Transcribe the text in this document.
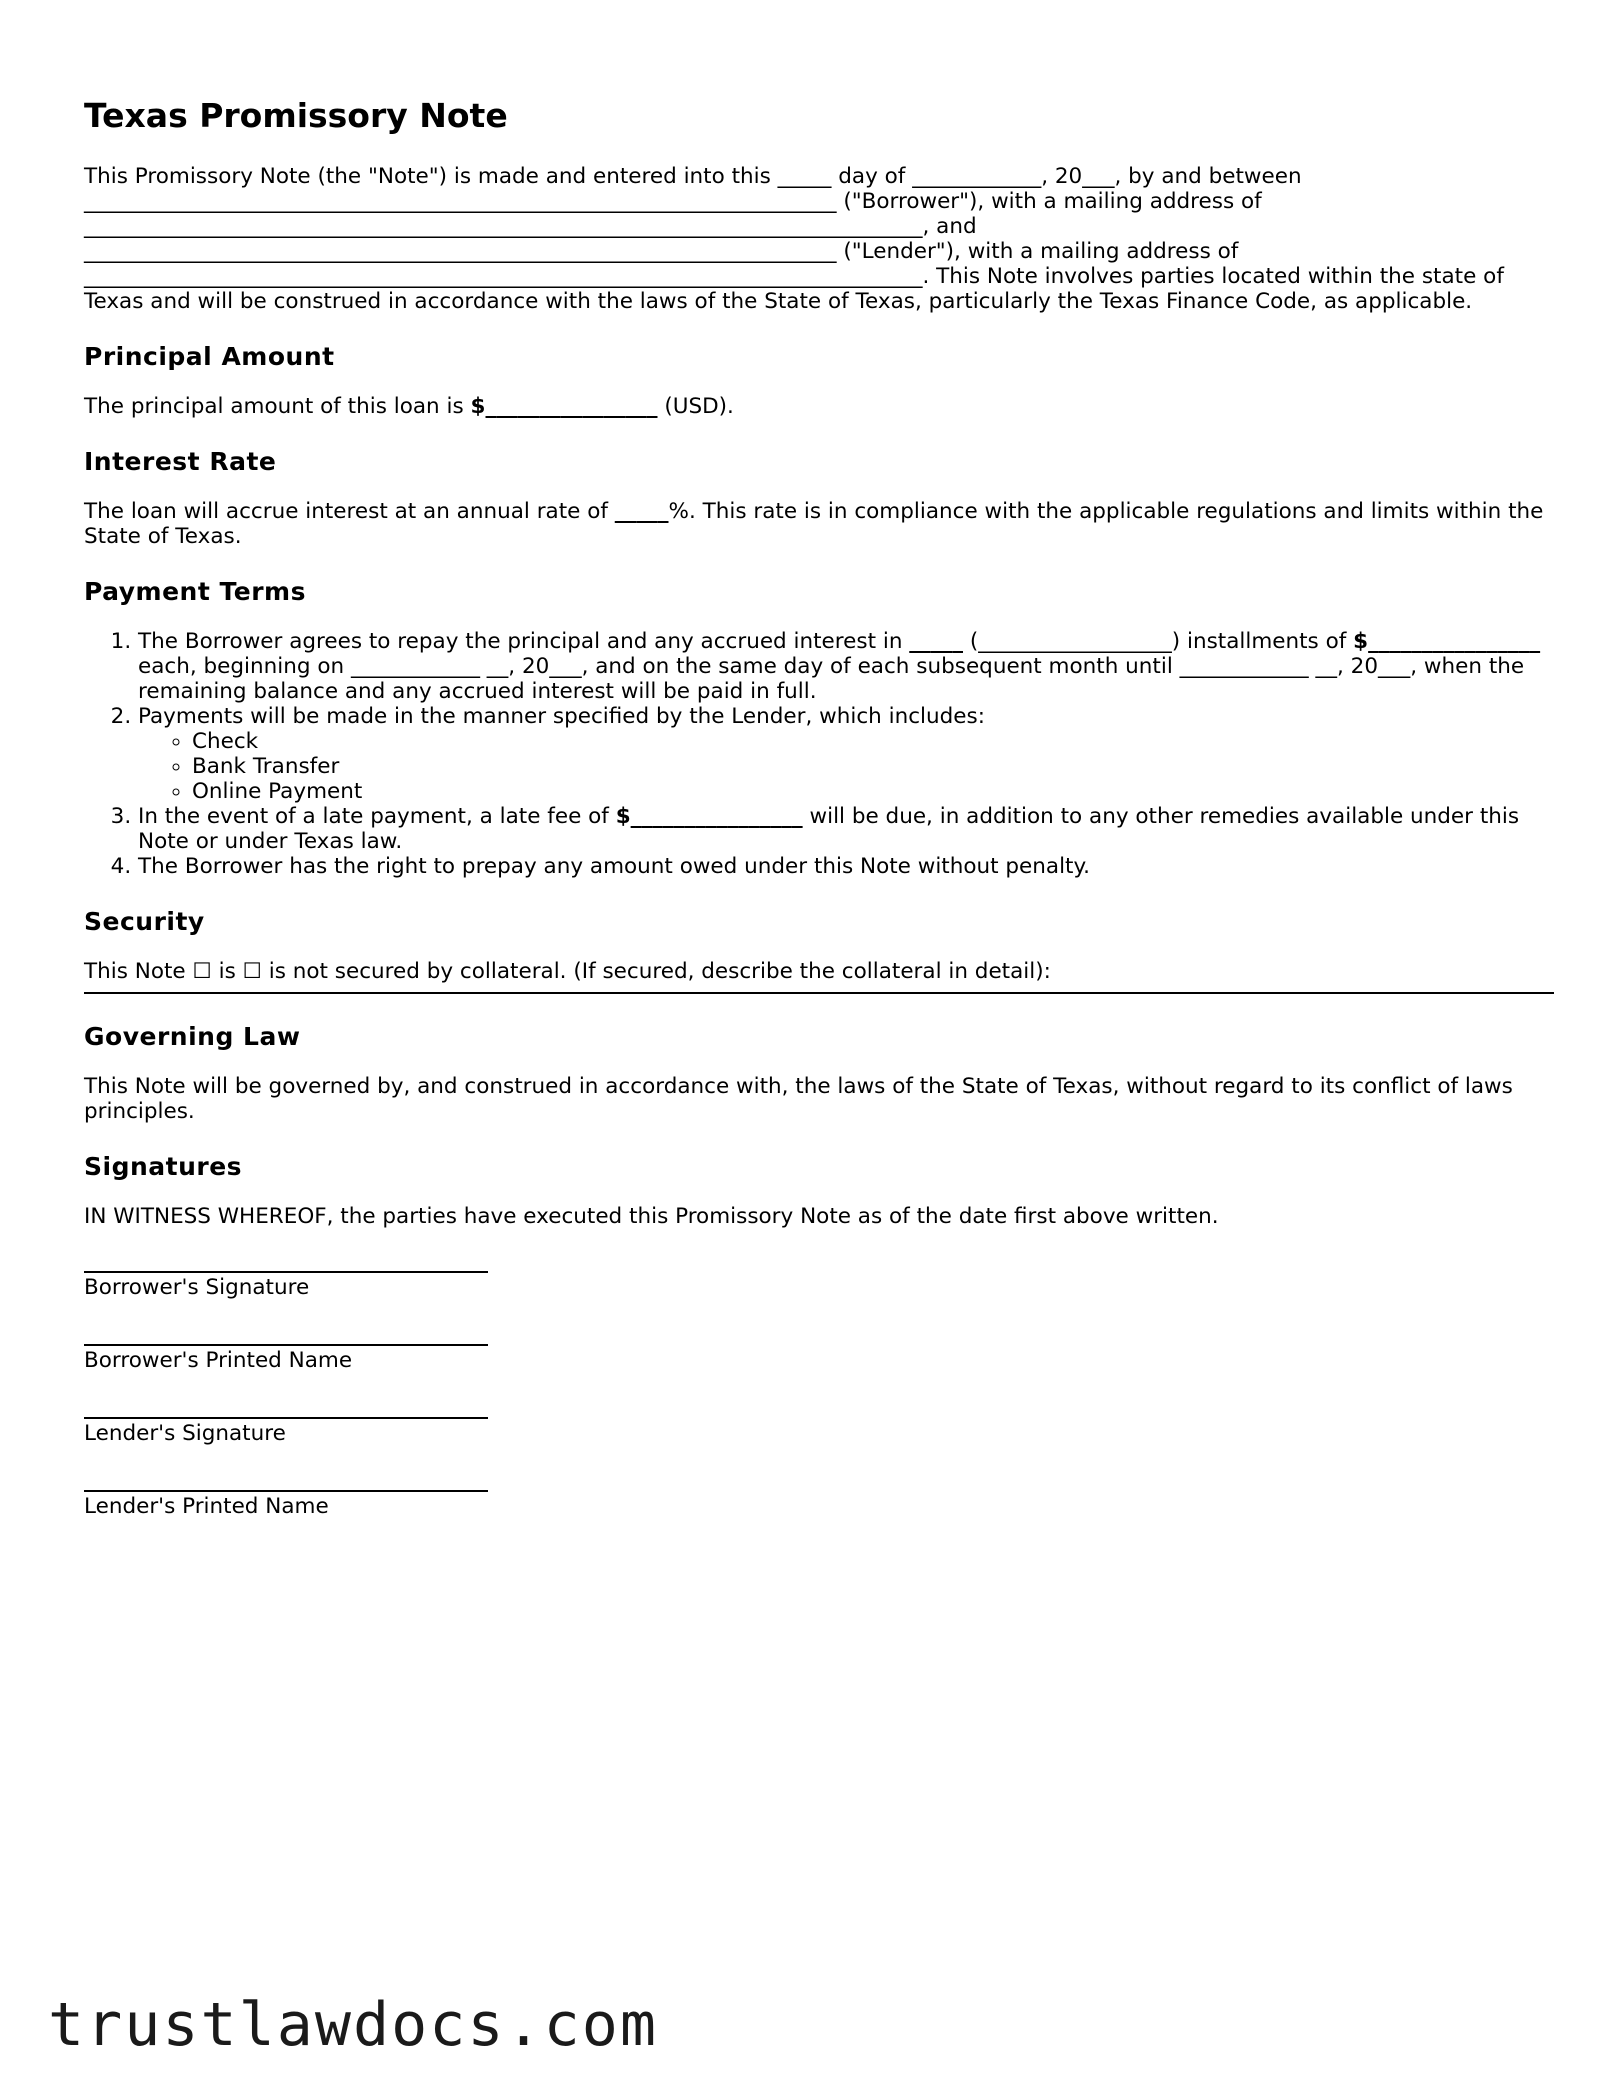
Texas Promissory Note

This Promissory Note (the "Note") is made and entered into this _____ day of ____________, 20___, by and between

______________________________________________________________________ ("Borrower"), with a mailing address of

______________________________________________________________________________, and

______________________________________________________________________ ("Lender"), with a mailing address of

______________________________________________________________________________. This Note involves parties located within the state of Texas and will be construed in accordance with the laws of the State of Texas, particularly the Texas Finance Code, as applicable.

Principal Amount

The principal amount of this loan is $________________ (USD).

Interest Rate

The loan will accrue interest at an annual rate of _____%. This rate is in compliance with the applicable regulations and limits within the State of Texas.

Payment Terms
1. The Borrower agrees to repay the principal and any accrued interest in _____ (__________________) installments of $________________ each, beginning on ____________ __, 20___, and on the same day of each subsequent month until ____________ __, 20___, when the remaining balance and any accrued interest will be paid in full.
2. Payments will be made in the manner specified by the Lender, which includes:
◦ Check
◦ Bank Transfer
◦ Online Payment
3. In the event of a late payment, a late fee of $________________ will be due, in addition to any other remedies available under this Note or under Texas law.
4. The Borrower has the right to prepay any amount owed under this Note without penalty.
Security

This Note ☐ is ☐ is not secured by collateral. (If secured, describe the collateral in detail):

Governing Law

This Note will be governed by, and construed in accordance with, the laws of the State of Texas, without regard to its conflict of laws principles.

Signatures

IN WITNESS WHEREOF, the parties have executed this Promissory Note as of the date first above written.

Borrower's Signature
Borrower's Printed Name
Lender's Signature
Lender's Printed Name
trustlawdocs.com
